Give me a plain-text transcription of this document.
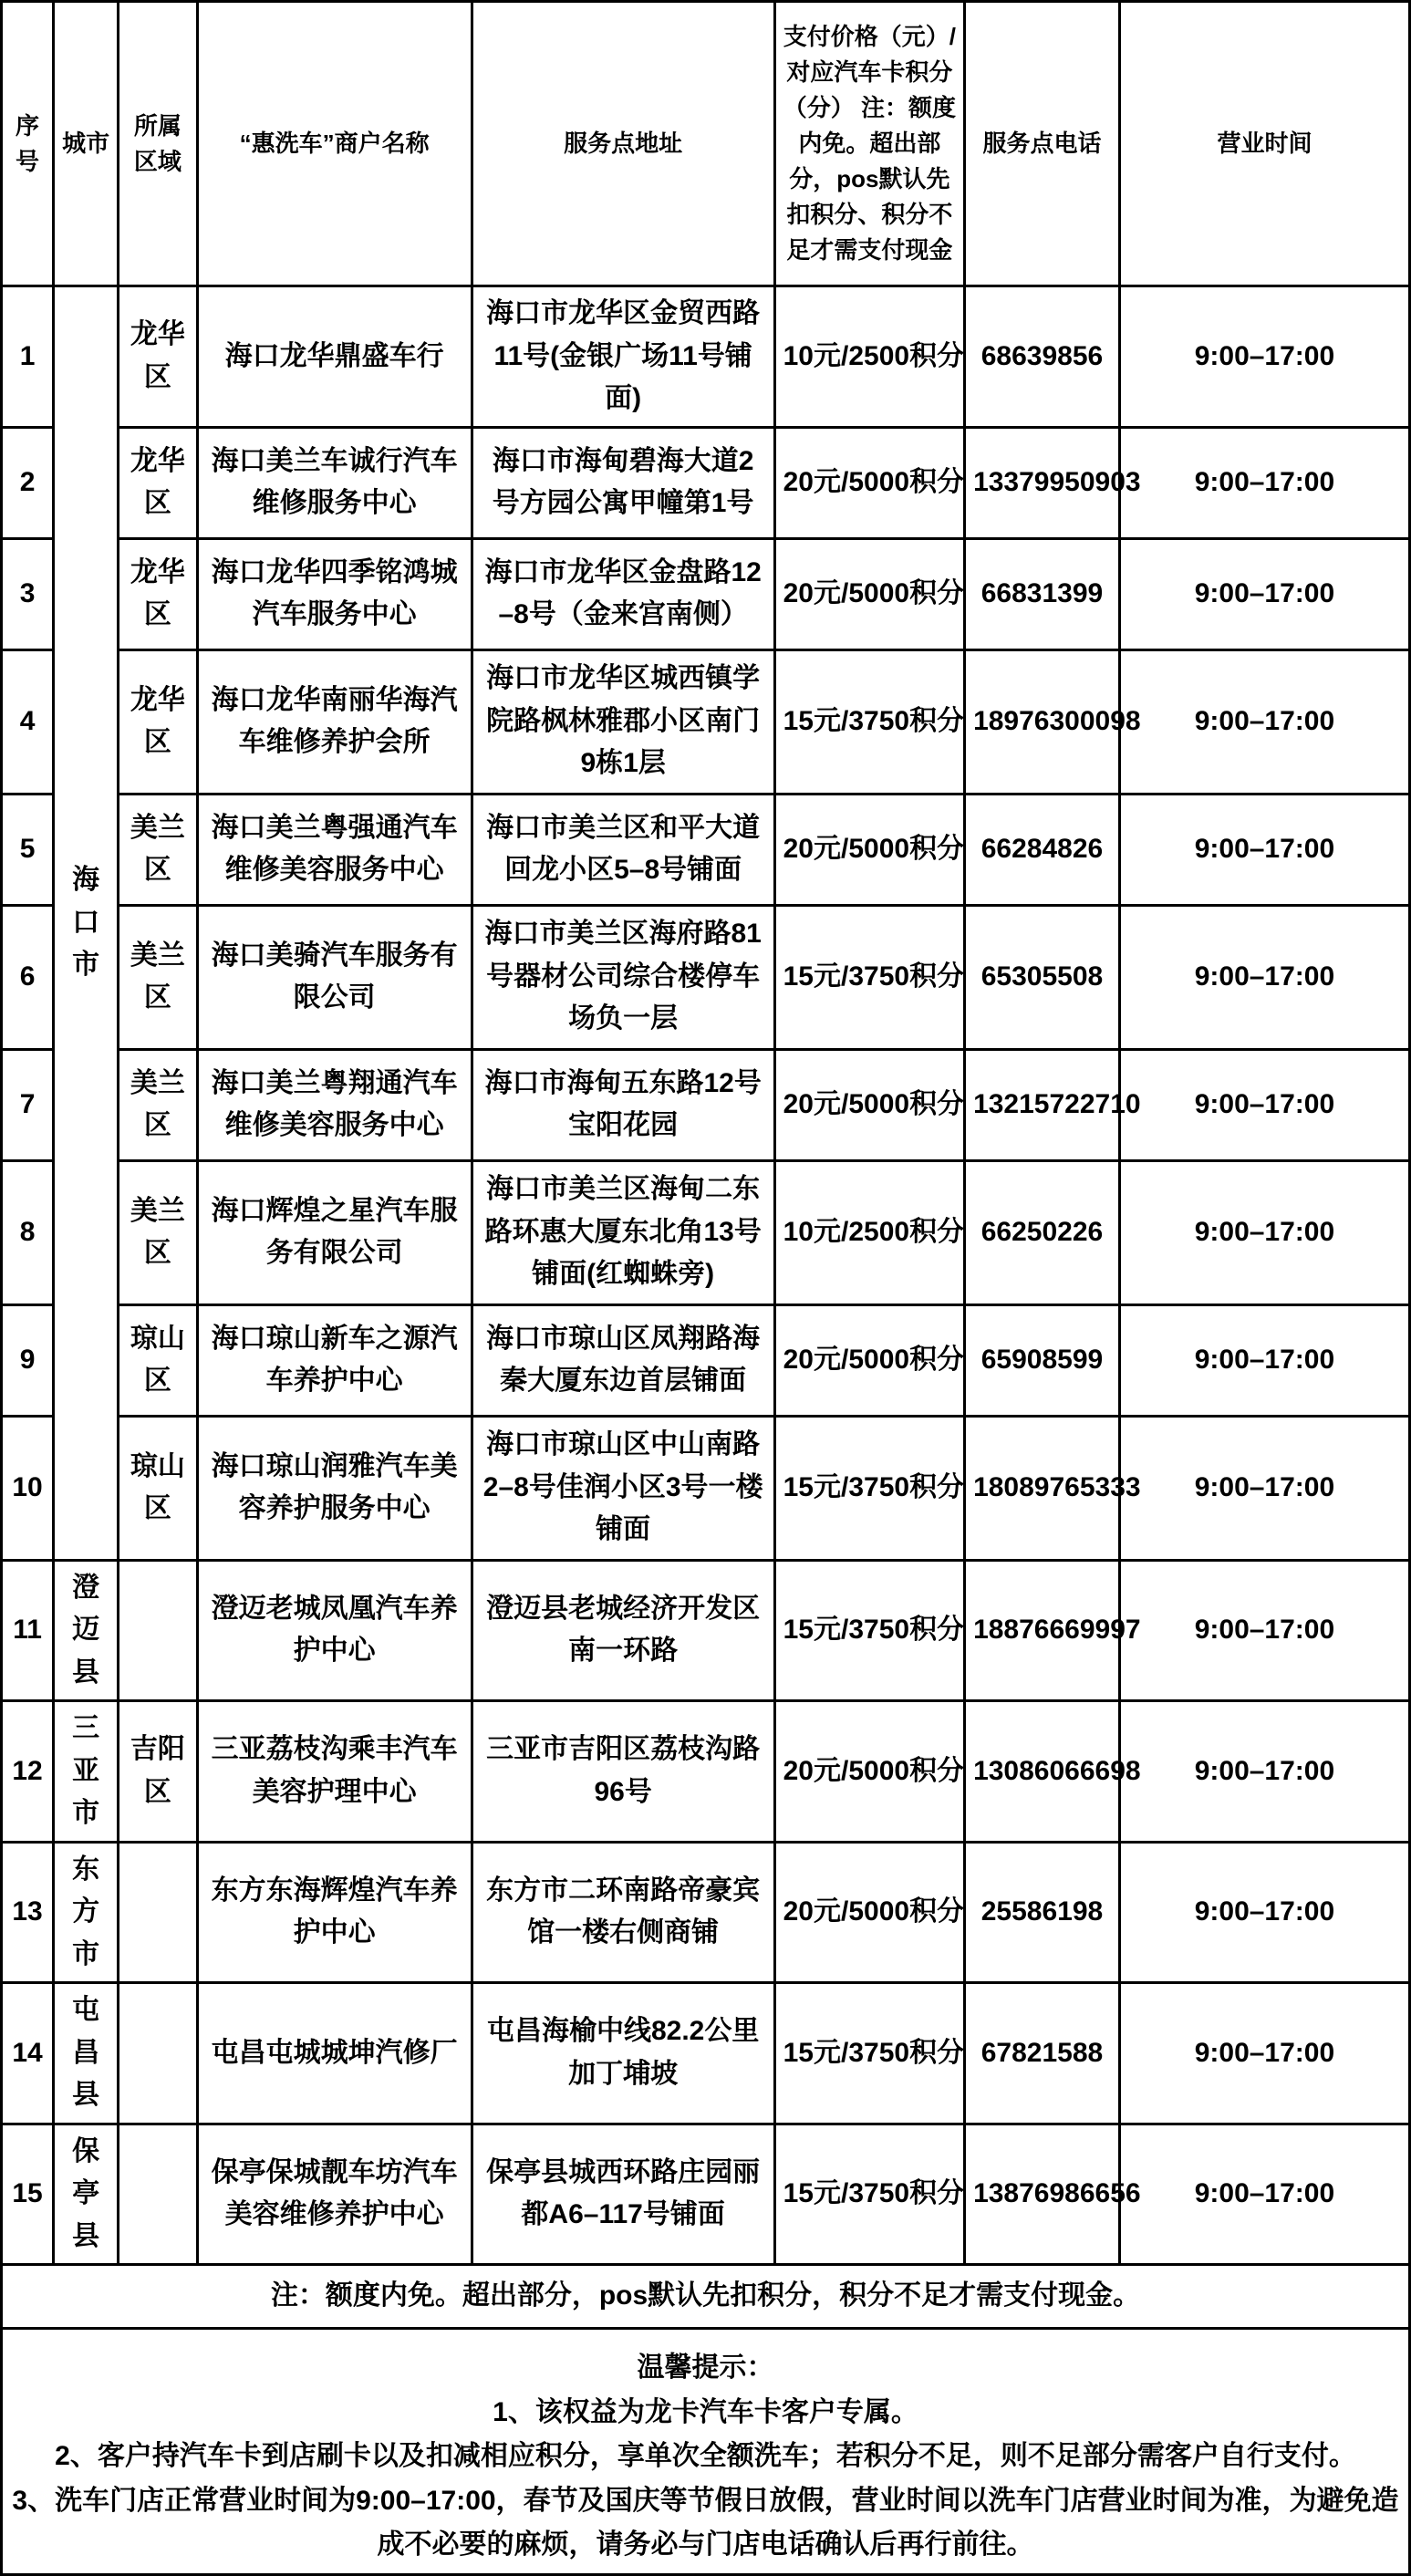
序号	城市	所属区域	“惠洗车”商户名称	服务点地址	支付价格（元）/对应汽车卡积分 （分） 注：额度内免。超出部分，pos默认先扣积分、积分不足才需支付现金	服务点电话	营业时间
1	海口市	龙华区	海口龙华鼎盛车行	海口市龙华区金贸西路11号(金银广场11号铺面)	10元/2500积分	68639856	9:00–17:00
2		龙华区	海口美兰车诚行汽车维修服务中心	海口市海甸碧海大道2号方园公寓甲幢第1号	20元/5000积分	13379950903	9:00–17:00
3		龙华区	海口龙华四季铭鸿城汽车服务中心	海口市龙华区金盘路12–8号（金来宫南侧）	20元/5000积分	66831399	9:00–17:00
4		龙华区	海口龙华南丽华海汽车维修养护会所	海口市龙华区城西镇学院路枫林雅郡小区南门9栋1层	15元/3750积分	18976300098	9:00–17:00
5		美兰区	海口美兰粤强通汽车维修美容服务中心	海口市美兰区和平大道回龙小区5–8号铺面	20元/5000积分	66284826	9:00–17:00
6		美兰区	海口美骑汽车服务有限公司	海口市美兰区海府路81号器材公司综合楼停车场负一层	15元/3750积分	65305508	9:00–17:00
7		美兰区	海口美兰粤翔通汽车维修美容服务中心	海口市海甸五东路12号宝阳花园	20元/5000积分	13215722710	9:00–17:00
8		美兰区	海口辉煌之星汽车服务有限公司	海口市美兰区海甸二东路环惠大厦东北角13号铺面(红蜘蛛旁)	10元/2500积分	66250226	9:00–17:00
9		琼山区	海口琼山新车之源汽车养护中心	海口市琼山区凤翔路海秦大厦东边首层铺面	20元/5000积分	65908599	9:00–17:00
10		琼山区	海口琼山润雅汽车美容养护服务中心	海口市琼山区中山南路2–8号佳润小区3号一楼铺面	15元/3750积分	18089765333	9:00–17:00
11	澄迈县		澄迈老城凤凰汽车养护中心	澄迈县老城经济开发区南一环路	15元/3750积分	18876669997	9:00–17:00
12	三亚市	吉阳区	三亚荔枝沟乘丰汽车美容护理中心	三亚市吉阳区荔枝沟路96号	20元/5000积分	13086066698	9:00–17:00
13	东方市		东方东海辉煌汽车养护中心	东方市二环南路帝豪宾馆一楼右侧商铺	20元/5000积分	25586198	9:00–17:00
14	屯昌县		屯昌屯城城坤汽修厂	屯昌海榆中线82.2公里加丁埔坡	15元/3750积分	67821588	9:00–17:00
15	保亭县		保亭保城靓车坊汽车美容维修养护中心	保亭县城西环路庄园丽都A6–117号铺面	15元/3750积分	13876986656	9:00–17:00
注：额度内免。超出部分，pos默认先扣积分，积分不足才需支付现金。							

温馨提示：
1、该权益为龙卡汽车卡客户专属。
2、客户持汽车卡到店刷卡以及扣减相应积分，享单次全额洗车；若积分不足，则不足部分需客户自行支付。
3、洗车门店正常营业时间为9:00–17:00，春节及国庆等节假日放假，营业时间以洗车门店营业时间为准，为避免造成不必要的麻烦，请务必与门店电话确认后再行前往。							
